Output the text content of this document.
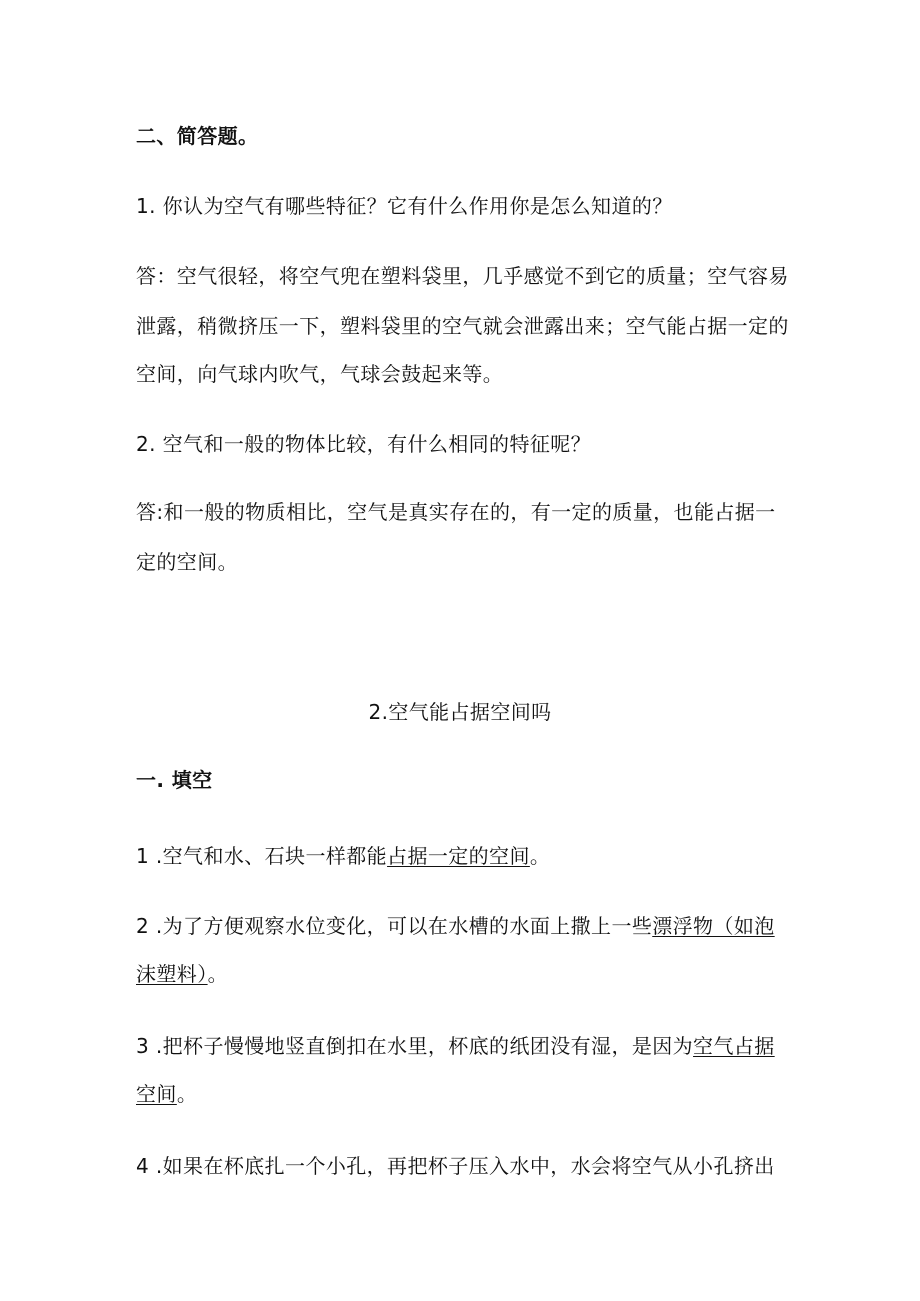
二、简答题。
1. 你认为空气有哪些特征？它有什么作用你是怎么知道的？
答：空气很轻，将空气兜在塑料袋里，几乎感觉不到它的质量；空气容易
泄露，稍微挤压一下，塑料袋里的空气就会泄露出来；空气能占据一定的
空间，向气球内吹气，气球会鼓起来等。
2. 空气和一般的物体比较，有什么相同的特征呢？
答:和一般的物质相比，空气是真实存在的，有一定的质量，也能占据一
定的空间。
2.空气能占据空间吗
一. 填空
1 .空气和水、石块一样都能占据一定的空间。
2 .为了方便观察水位变化，可以在水槽的水面上撒上一些漂浮物（如泡
沫塑料）。
3 .把杯子慢慢地竖直倒扣在水里，杯底的纸团没有湿，是因为空气占据
空间。
4 .如果在杯底扎一个小孔，再把杯子压入水中，水会将空气从小孔挤出
